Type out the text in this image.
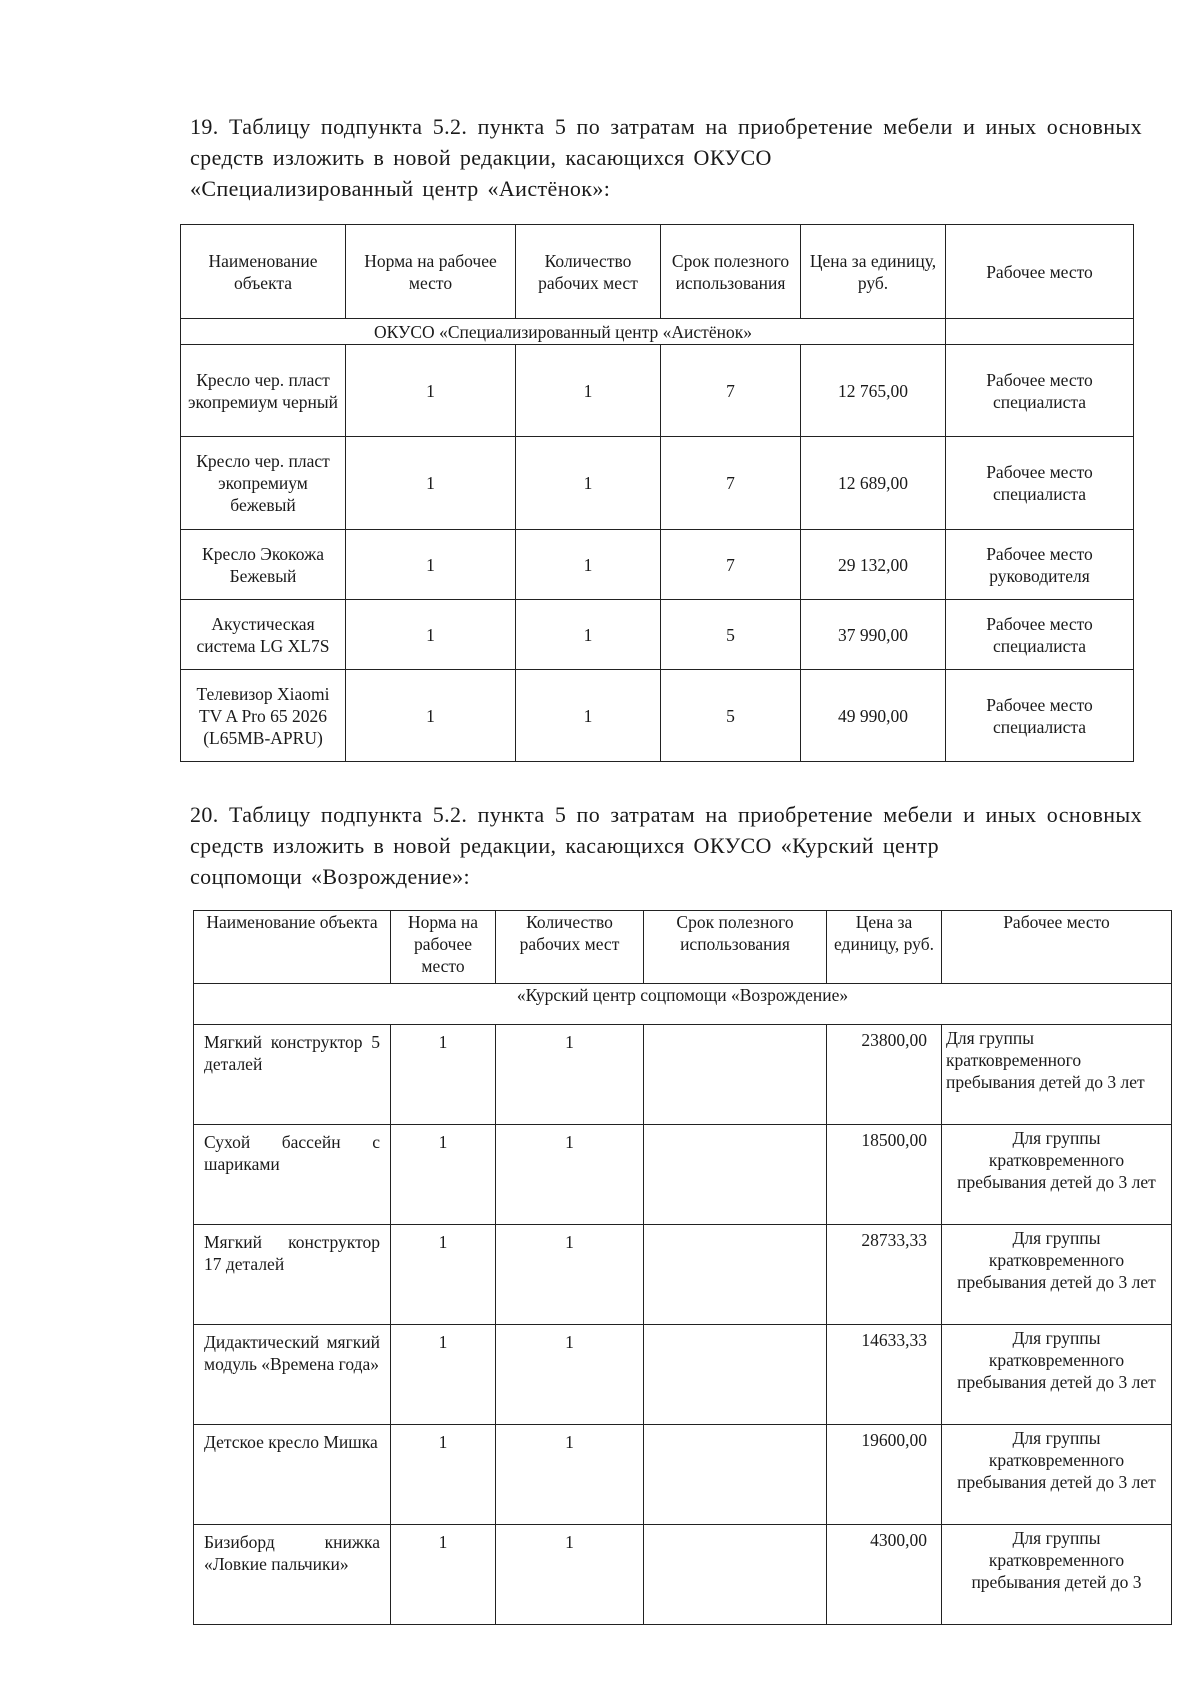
19. Таблицу подпункта 5.2. пункта 5 по затратам на приобретение мебели и иных основных средств изложить в новой редакции, касающихся ОКУСО
«Специализированный центр «Аистёнок»:
Наименование объекта	Норма на рабочее место	Количество рабочих мест	Срок полезного использования	Цена за единицу, руб.	Рабочее место
ОКУСО «Специализированный центр «Аистёнок»					
Кресло чер. пласт экопремиум черный	1	1	7	12 765,00	Рабочее место специалиста
Кресло чер. пласт экопремиум бежевый	1	1	7	12 689,00	Рабочее место специалиста
Кресло Экокожа Бежевый	1	1	7	29 132,00	Рабочее место руководителя
Акустическая система LG XL7S	1	1	5	37 990,00	Рабочее место специалиста
Телевизор Xiaomi TV A Pro 65 2026 (L65MB-APRU)	1	1	5	49 990,00	Рабочее место специалиста
20. Таблицу подпункта 5.2. пункта 5 по затратам на приобретение мебели и иных основных средств изложить в новой редакции, касающихся ОКУСО «Курский центр
соцпомощи «Возрождение»:
Наименование объекта	Норма на рабочее место	Количество рабочих мест	Срок полезного использования	Цена за единицу, руб.	Рабочее место
«Курский центр соцпомощи «Возрождение»					
Мягкий конструктор 5 деталей	1	1		23800,00	Для группы кратковременного пребывания детей до 3 лет
Сухой бассейн с шариками	1	1		18500,00	Для группы кратковременного пребывания детей до 3 лет
Мягкий конструктор 17 деталей	1	1		28733,33	Для группы кратковременного пребывания детей до 3 лет
Дидактический мягкий модуль «Времена года»	1	1		14633,33	Для группы кратковременного пребывания детей до 3 лет
Детское кресло Мишка	1	1		19600,00	Для группы кратковременного пребывания детей до 3 лет
Бизиборд книжка «Ловкие пальчики»	1	1		4300,00	Для группы кратковременного пребывания детей до 3
